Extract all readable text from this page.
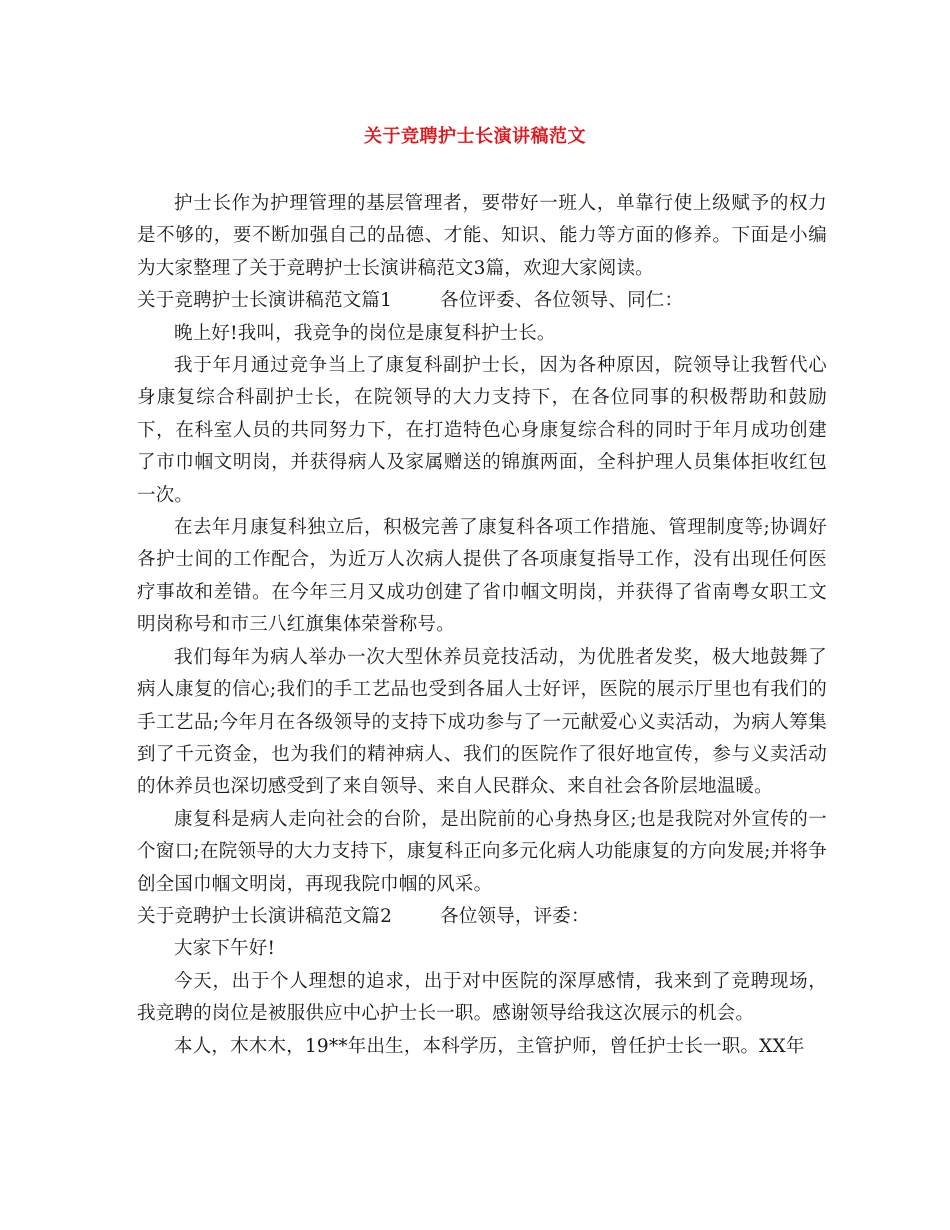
关于竞聘护士长演讲稿范文

护士长作为护理管理的基层管理者，要带好一班人，单靠行使上级赋予的权力是不够的，要不断加强自己的品德、才能、知识、能力等方面的修养。下面是小编为大家整理了关于竞聘护士长演讲稿范文3篇，欢迎大家阅读。

关于竞聘护士长演讲稿范文篇1	各位评委、各位领导、同仁：

晚上好!我叫，我竞争的岗位是康复科护士长。

我于年月通过竞争当上了康复科副护士长，因为各种原因，院领导让我暂代心身康复综合科副护士长，在院领导的大力支持下，在各位同事的积极帮助和鼓励下，在科室人员的共同努力下，在打造特色心身康复综合科的同时于年月成功创建了市巾帼文明岗，并获得病人及家属赠送的锦旗两面，全科护理人员集体拒收红包一次。

在去年月康复科独立后，积极完善了康复科各项工作措施、管理制度等;协调好各护士间的工作配合，为近万人次病人提供了各项康复指导工作，没有出现任何医疗事故和差错。在今年三月又成功创建了省巾帼文明岗，并获得了省南粤女职工文明岗称号和市三八红旗集体荣誉称号。

我们每年为病人举办一次大型休养员竞技活动，为优胜者发奖，极大地鼓舞了病人康复的信心;我们的手工艺品也受到各届人士好评，医院的展示厅里也有我们的手工艺品;今年月在各级领导的支持下成功参与了一元献爱心义卖活动，为病人筹集到了千元资金，也为我们的精神病人、我们的医院作了很好地宣传，参与义卖活动的休养员也深切感受到了来自领导、来自人民群众、来自社会各阶层地温暖。

康复科是病人走向社会的台阶，是出院前的心身热身区;也是我院对外宣传的一个窗口;在院领导的大力支持下，康复科正向多元化病人功能康复的方向发展;并将争创全国巾帼文明岗，再现我院巾帼的风采。

关于竞聘护士长演讲稿范文篇2	各位领导，评委：

大家下午好!

今天，出于个人理想的追求，出于对中医院的深厚感情，我来到了竞聘现场，我竞聘的岗位是被服供应中心护士长一职。感谢领导给我这次展示的机会。

本人，木木木，19**年出生，本科学历，主管护师，曾任护士长一职。XX年
